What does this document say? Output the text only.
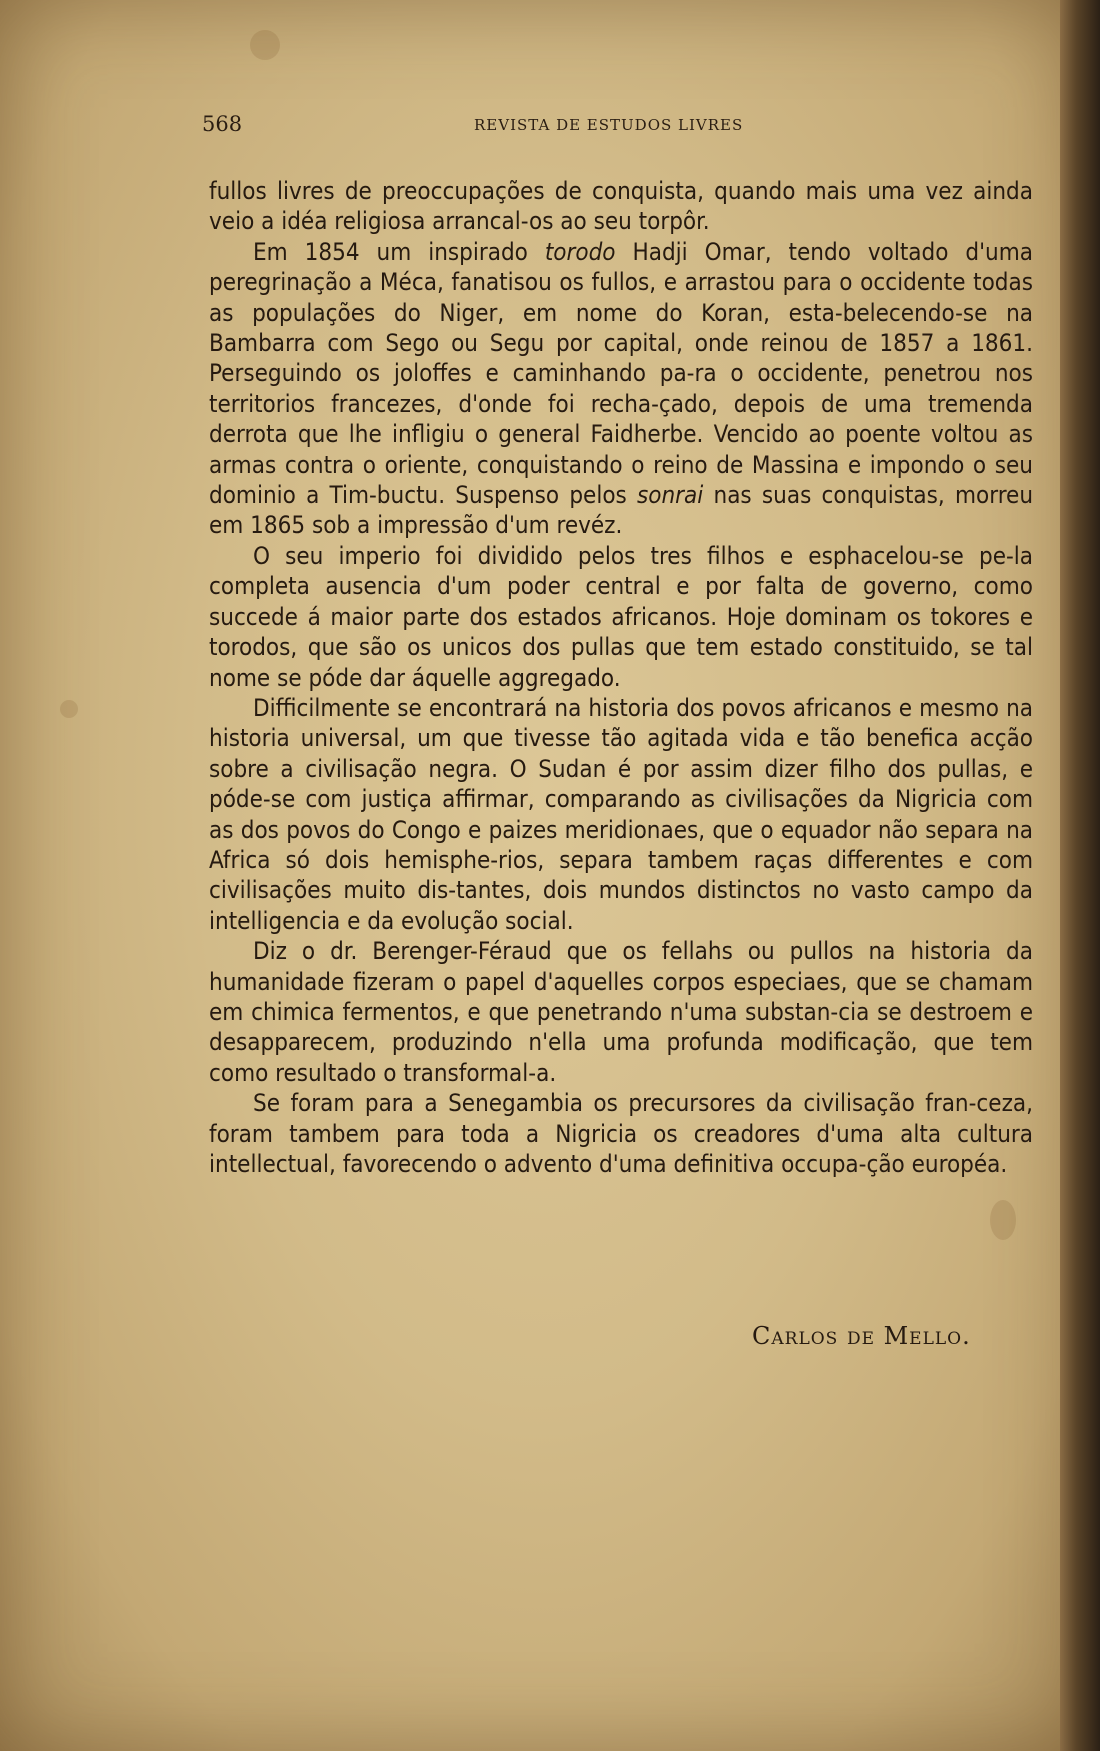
568	REVISTA DE ESTUDOS LIVRES

fullos livres de preoccupações de conquista, quando mais uma vez ainda veio a idéa religiosa arrancal-os ao seu torpôr.

Em 1854 um inspirado torodo Hadji Omar, tendo voltado d'uma peregrinação a Méca, fanatisou os fullos, e arrastou para o occidente todas as populações do Niger, em nome do Koran, esta-belecendo-se na Bambarra com Sego ou Segu por capital, onde reinou de 1857 a 1861. Perseguindo os joloffes e caminhando pa-ra o occidente, penetrou nos territorios francezes, d'onde foi recha-çado, depois de uma tremenda derrota que lhe infligiu o general Faidherbe. Vencido ao poente voltou as armas contra o oriente, conquistando o reino de Massina e impondo o seu dominio a Tim-buctu. Suspenso pelos sonrai nas suas conquistas, morreu em 1865 sob a impressão d'um revéz.

O seu imperio foi dividido pelos tres filhos e esphacelou-se pe-la completa ausencia d'um poder central e por falta de governo, como succede á maior parte dos estados africanos. Hoje dominam os tokores e torodos, que são os unicos dos pullas que tem estado constituido, se tal nome se póde dar áquelle aggregado.

Difficilmente se encontrará na historia dos povos africanos e mesmo na historia universal, um que tivesse tão agitada vida e tão benefica acção sobre a civilisação negra. O Sudan é por assim dizer filho dos pullas, e póde-se com justiça affirmar, comparando as civilisações da Nigricia com as dos povos do Congo e paizes meridionaes, que o equador não separa na Africa só dois hemisphe-rios, separa tambem raças differentes e com civilisações muito dis-tantes, dois mundos distinctos no vasto campo da intelligencia e da evolução social.

Diz o dr. Berenger-Féraud que os fellahs ou pullos na historia da humanidade fizeram o papel d'aquelles corpos especiaes, que se chamam em chimica fermentos, e que penetrando n'uma substan-cia se destroem e desapparecem, produzindo n'ella uma profunda modificação, que tem como resultado o transformal-a.

Se foram para a Senegambia os precursores da civilisação fran-ceza, foram tambem para toda a Nigricia os creadores d'uma alta cultura intellectual, favorecendo o advento d'uma definitiva occupa-ção européa.

Carlos de Mello.
